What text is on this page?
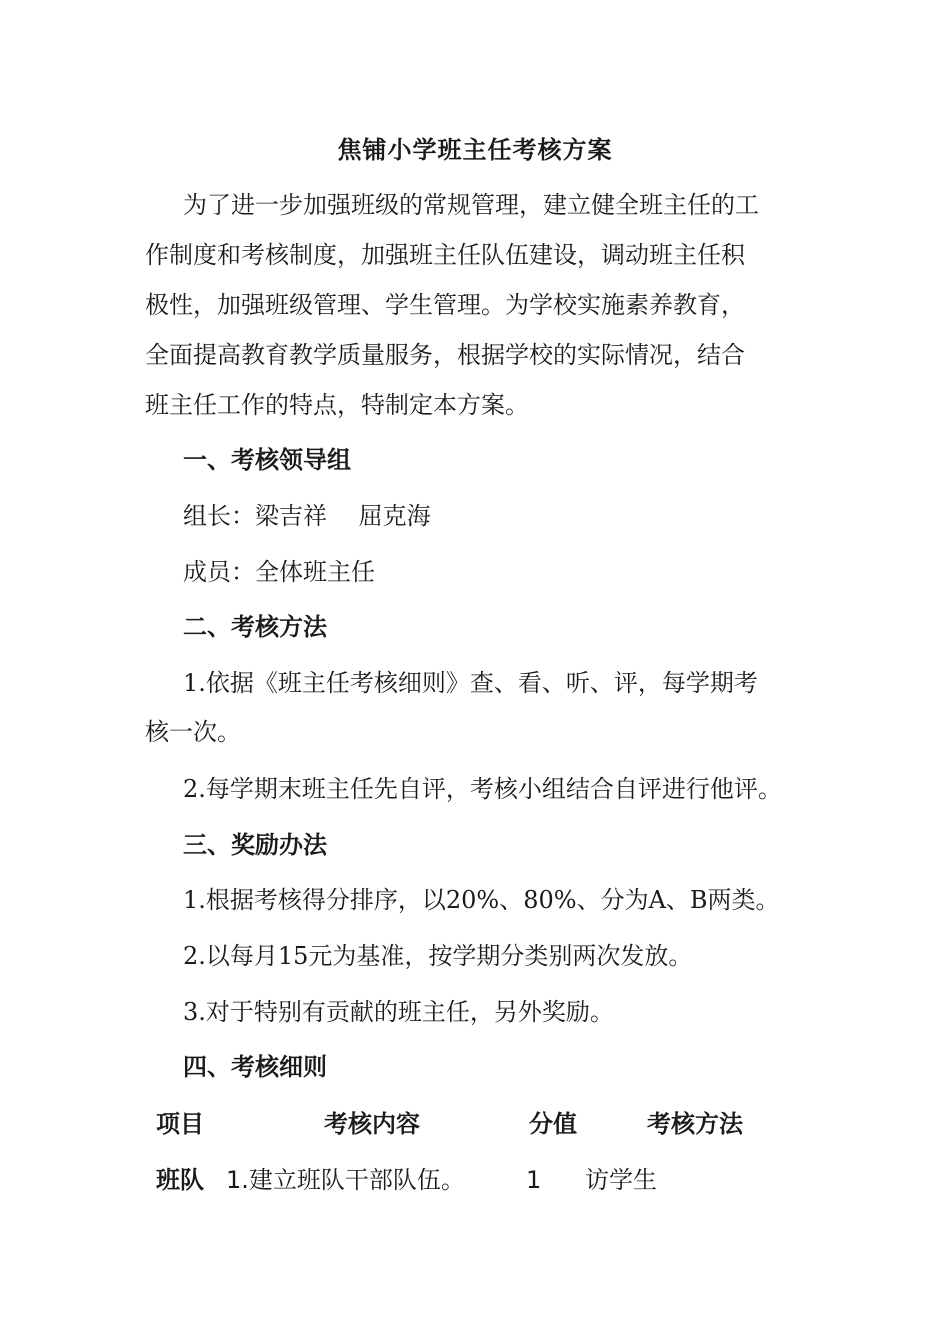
焦铺小学班主任考核方案
为了进一步加强班级的常规管理，建立健全班主任的工
作制度和考核制度，加强班主任队伍建设，调动班主任积
极性，加强班级管理、学生管理。为学校实施素养教育，
全面提高教育教学质量服务，根据学校的实际情况，结合
班主任工作的特点，特制定本方案。
一、考核领导组
组长：梁吉祥　 屈克海
成员：全体班主任
二、考核方法
1.依据《班主任考核细则》查、看、听、评，每学期考
核一次。
2.每学期末班主任先自评，考核小组结合自评进行他评。
三、奖励办法
1.根据考核得分排序，以20%、80%、分为A、B两类。
2.以每月15元为基准，按学期分类别两次发放。
3.对于特别有贡献的班主任，另外奖励。
四、考核细则
项目	考核内容	分值	考核方法
班队 1.建立班队干部队伍。	1 访学生
